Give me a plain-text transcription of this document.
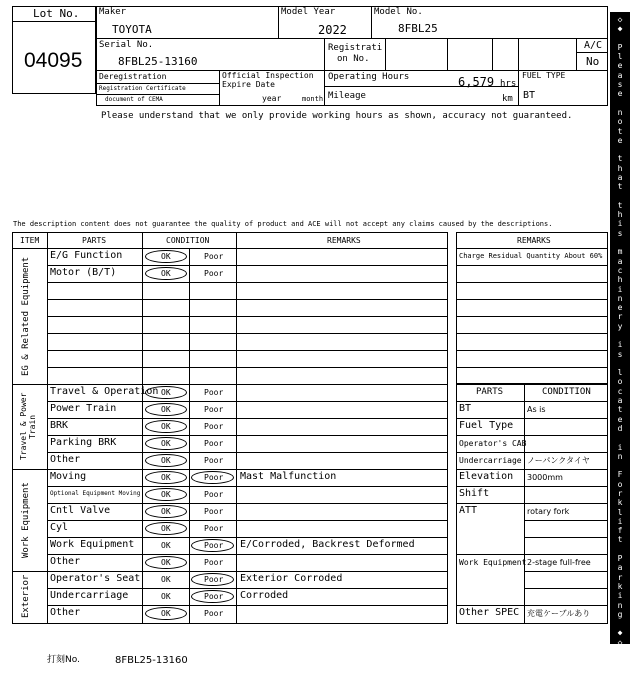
Lot No.
04095
Maker
TOYOTA
Model Year
2022
Model No.
8FBL25
Serial No.
8FBL25-13160
Registrati
on No.
A/C
No
Deregistration
Registration Certificate
document of CEMA
Official Inspection
Expire Date
year	month
Operating Hours	6,579 hrs
Mileage	km
FUEL TYPE
BT
Please understand that we only provide working hours as shown, accuracy not guaranteed.
The description content does not guarantee the quality of product and ACE will not accept any claims caused by the descriptions.
ITEM	PARTS	CONDITION	REMARKS	REMARKS
Charge Residual Quantity About 60%
PARTS	CONDITION
◇
◆
P
l
e
a
s
e
n
o
t
e
t
h
a
t
t
h
i
s
m
a
c
h
i
n
e
r
y
i
s
l
o
c
a
t
e
d
i
n
F
o
r
k
l
i
f
t
P
a
r
k
i
n
g
◆
◇
打刻No.	8FBL25-13160
EG & Related Equipment
E/G Function	OK	Poor
Motor (B/T)	OK	Poor
Travel & Power Train
Travel & Operation OK	Poor
Power Train	OK	Poor
BRK	OK	Poor
Parking BRK	OK	Poor
Other	OK	Poor
Work Equipment
Moving	OK	Poor Mast Malfunction
Optional Equipment Moving	OK	Poor
Cntl Valve	OK	Poor
Cyl	OK	Poor
Work Equipment	OK	Poor E/Corroded, Backrest Deformed
Other	OK	Poor
Exterior Operator's Seat	OK	Poor Exterior Corroded
Undercarriage	OK	Poor Corroded
Other	OK	Poor
BT	As is
Fuel Type
Operator's CAB
Undercarriage ノーパンクタイヤ
Elevation 3000mm
Shift
ATT	rotary fork
Work Equipment 2-stage full-free
Other SPEC 充電ケーブルあり
